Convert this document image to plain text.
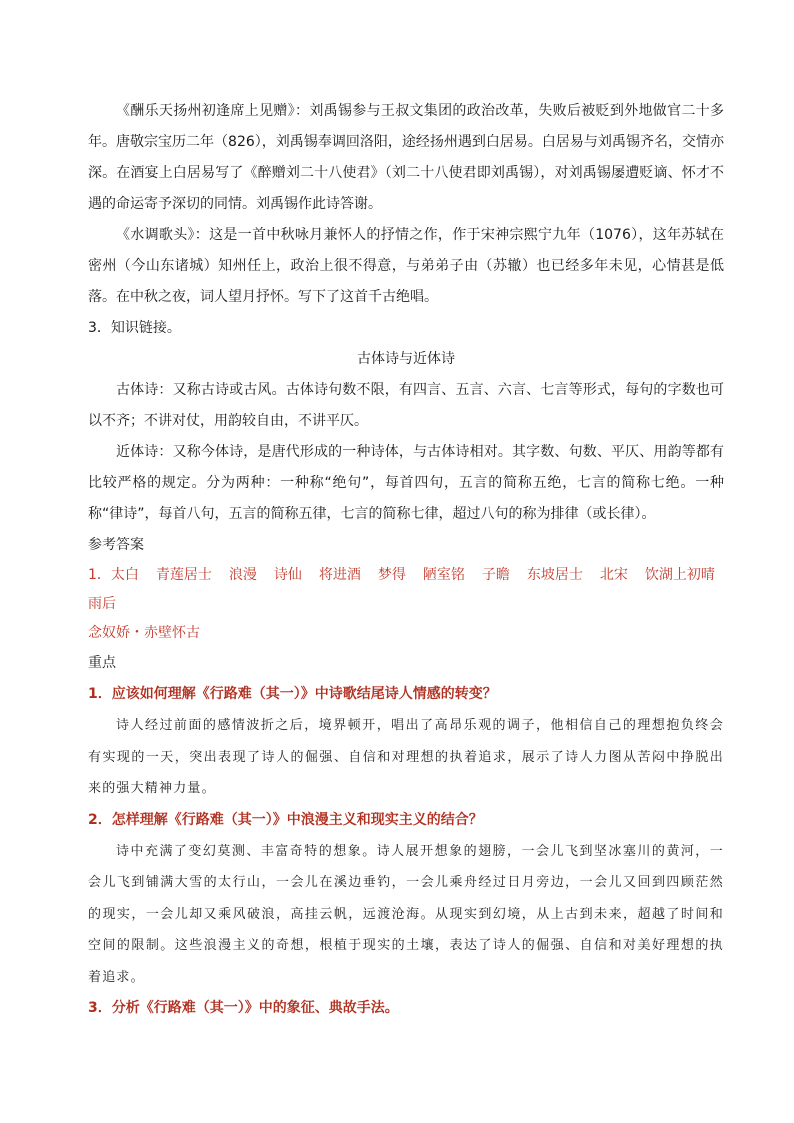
《酬乐天扬州初逢席上见赠》：刘禹锡参与王叔文集团的政治改革，失败后被贬到外地做官二十多年。唐敬宗宝历二年（826），刘禹锡奉调回洛阳，途经扬州遇到白居易。白居易与刘禹锡齐名，交情亦深。在酒宴上白居易写了《醉赠刘二十八使君》（刘二十八使君即刘禹锡），对刘禹锡屡遭贬谪、怀才不遇的命运寄予深切的同情。刘禹锡作此诗答谢。

《水调歌头》：这是一首中秋咏月兼怀人的抒情之作，作于宋神宗熙宁九年（1076），这年苏轼在密州（今山东诸城）知州任上，政治上很不得意，与弟弟子由（苏辙）也已经多年未见，心情甚是低落。在中秋之夜，词人望月抒怀。写下了这首千古绝唱。

3．知识链接。

古体诗与近体诗

古体诗：又称古诗或古风。古体诗句数不限，有四言、五言、六言、七言等形式，每句的字数也可以不齐；不讲对仗，用韵较自由，不讲平仄。

近体诗：又称今体诗，是唐代形成的一种诗体，与古体诗相对。其字数、句数、平仄、用韵等都有比较严格的规定。分为两种：一种称“绝句”，每首四句，五言的简称五绝，七言的简称七绝。一种称“律诗”，每首八句，五言的简称五律，七言的简称七律，超过八句的称为排律（或长律）。

参考答案

1．太白 青莲居士 浪漫 诗仙 将进酒 梦得 陋室铭 子瞻 东坡居士 北宋 饮湖上初晴雨后

念奴娇・赤壁怀古

重点

1．应该如何理解《行路难（其一）》中诗歌结尾诗人情感的转变？

诗人经过前面的感情波折之后，境界顿开，唱出了高昂乐观的调子，他相信自己的理想抱负终会有实现的一天，突出表现了诗人的倔强、自信和对理想的执着追求，展示了诗人力图从苦闷中挣脱出来的强大精神力量。

2．怎样理解《行路难（其一）》中浪漫主义和现实主义的结合？

诗中充满了变幻莫测、丰富奇特的想象。诗人展开想象的翅膀，一会儿飞到坚冰塞川的黄河，一会儿飞到铺满大雪的太行山，一会儿在溪边垂钓，一会儿乘舟经过日月旁边，一会儿又回到四顾茫然的现实，一会儿却又乘风破浪，高挂云帆，远渡沧海。从现实到幻境，从上古到未来，超越了时间和空间的限制。这些浪漫主义的奇想，根植于现实的土壤，表达了诗人的倔强、自信和对美好理想的执着追求。

3．分析《行路难（其一）》中的象征、典故手法。
